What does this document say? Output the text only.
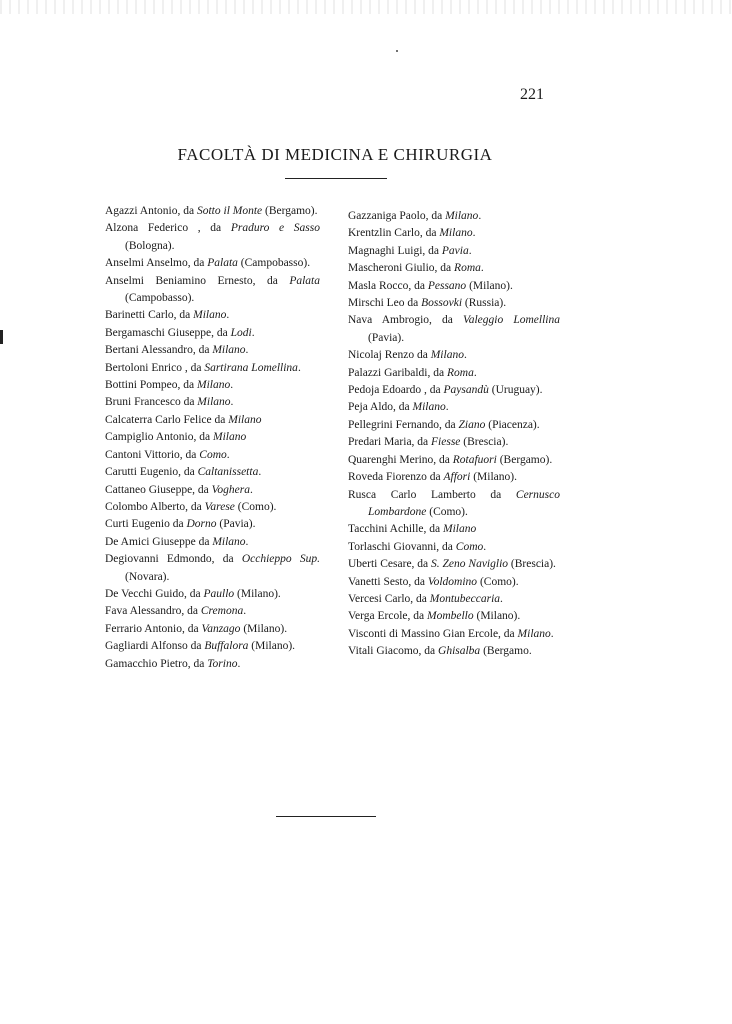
221
FACOLTÀ DI MEDICINA E CHIRURGIA

Agazzi Antonio, da Sotto il Monte (Bergamo).

Alzona Federico , da Praduro e Sasso (Bologna).

Anselmi Anselmo, da Palata (Campobasso).

Anselmi Beniamino Ernesto, da Palata (Campobasso).

Barinetti Carlo, da Milano.

Bergamaschi Giuseppe, da Lodi.

Bertani Alessandro, da Milano.

Bertoloni Enrico , da Sartirana Lomellina.

Bottini Pompeo, da Milano.

Bruni Francesco da Milano.

Calcaterra Carlo Felice da Milano

Campiglio Antonio, da Milano

Cantoni Vittorio, da Como.

Carutti Eugenio, da Caltanissetta.

Cattaneo Giuseppe, da Voghera.

Colombo Alberto, da Varese (Como).

Curti Eugenio da Dorno (Pavia).

De Amici Giuseppe da Milano.

Degiovanni Edmondo, da Occhieppo Sup. (Novara).

De Vecchi Guido, da Paullo (Milano).

Fava Alessandro, da Cremona.

Ferrario Antonio, da Vanzago (Milano).

Gagliardi Alfonso da Buffalora (Milano).

Gamacchio Pietro, da Torino.

Gazzaniga Paolo, da Milano.

Krentzlin Carlo, da Milano.

Magnaghi Luigi, da Pavia.

Mascheroni Giulio, da Roma.

Masla Rocco, da Pessano (Milano).

Mirschi Leo da Bossovki (Russia).

Nava Ambrogio, da Valeggio Lomellina (Pavia).

Nicolaj Renzo da Milano.

Palazzi Garibaldi, da Roma.

Pedoja Edoardo , da Paysandù (Uruguay).

Peja Aldo, da Milano.

Pellegrini Fernando, da Ziano (Piacenza).

Predari Maria, da Fiesse (Brescia).

Quarenghi Merino, da Rotafuori (Bergamo).

Roveda Fiorenzo da Affori (Milano).

Rusca Carlo Lamberto da Cernusco Lombardone (Como).

Tacchini Achille, da Milano

Torlaschi Giovanni, da Como.

Uberti Cesare, da S. Zeno Naviglio (Brescia).

Vanetti Sesto, da Voldomino (Como).

Vercesi Carlo, da Montubeccaria.

Verga Ercole, da Mombello (Milano).

Visconti di Massino Gian Ercole, da Milano.

Vitali Giacomo, da Ghisalba (Bergamo.
